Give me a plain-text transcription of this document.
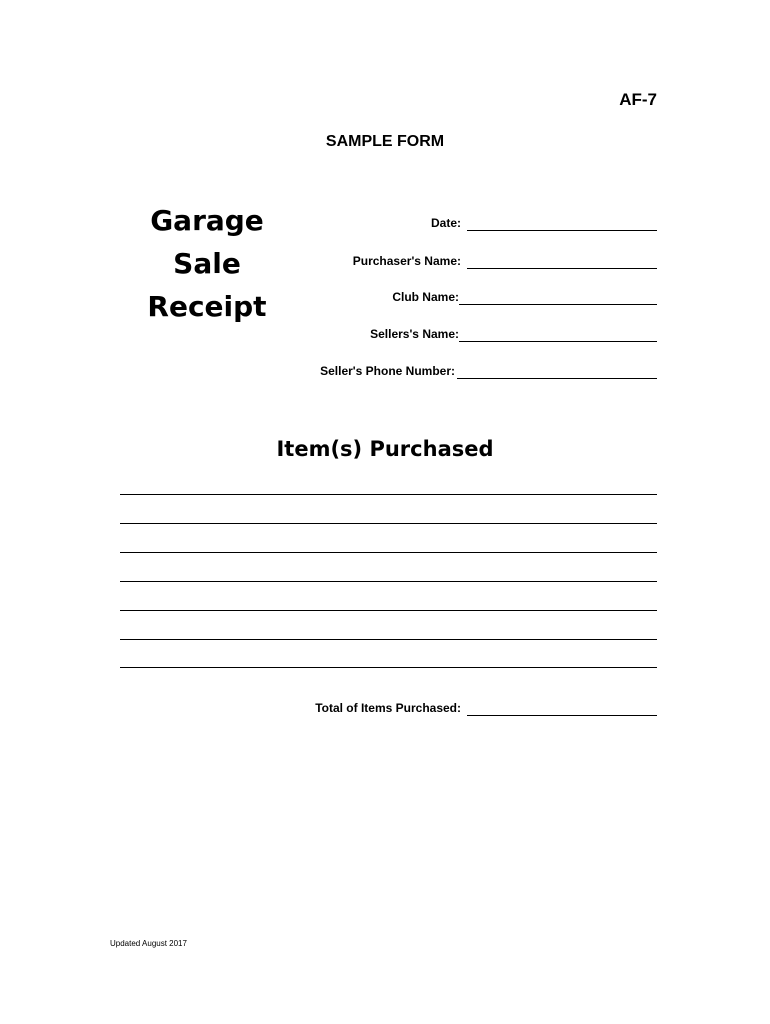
AF-7
SAMPLE FORM
Garage
Sale
Receipt
Date:
Purchaser's Name:
Club Name:
Sellers's Name:
Seller's Phone Number:
Item(s) Purchased
Total of Items Purchased:
Updated August 2017
